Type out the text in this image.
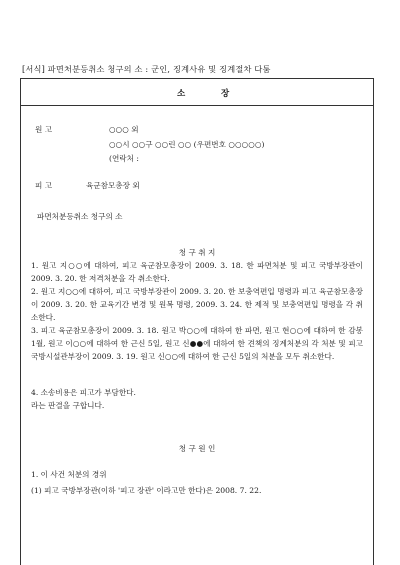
[서식] 파면처분등취소 청구의 소 : 군인, 징계사유 및 징계절차 다툼
소	장
원 고	○○○ 외
○○시 ○○구 ○○린 ○○ (우편번호 ○○○○○)
(연락처 :
피 고	육군참모총장 외
파면처분등취소 청구의 소
청 구 취 지
1. 원고 지○○에 대하여, 피고 육군참모총장이 2009. 3. 18. 한 파면처분 및 피고 국방부장관이 2009. 3. 20. 한 저격처분을 각 취소한다.
2. 원고 지○○에 대하여, 피고 국방부장관이 2009. 3. 20. 한 보충역편입 명령과 피고 육군참모총장이 2009. 3. 20. 한 교육기간 변경 및 원복 명령, 2009. 3. 24. 한 제적 및 보충역편입 명령을 각 취소한다.
3. 피고 육군참모총장이 2009. 3. 18. 원고 박○○에 대하여 한 파면, 원고 현○○에 대하여 한 감봉 1월, 원고 이○○에 대하여 한 근신 5일, 원고 신●●에 대하여 한 견책의 징계처분의 각 처분 및 피고 국방시설관부장이 2009. 3. 19. 원고 신○○에 대하여 한 근신 5일의 처분을 모두 취소한다.
4. 소송비용은 피고가 부담한다.
라는 판결을 구합니다.
청 구 원 인
1. 이 사건 처분의 경위
(1) 피고 국방부장관(이하 '피고 장관' 이라고만 한다)은 2008. 7. 22.
